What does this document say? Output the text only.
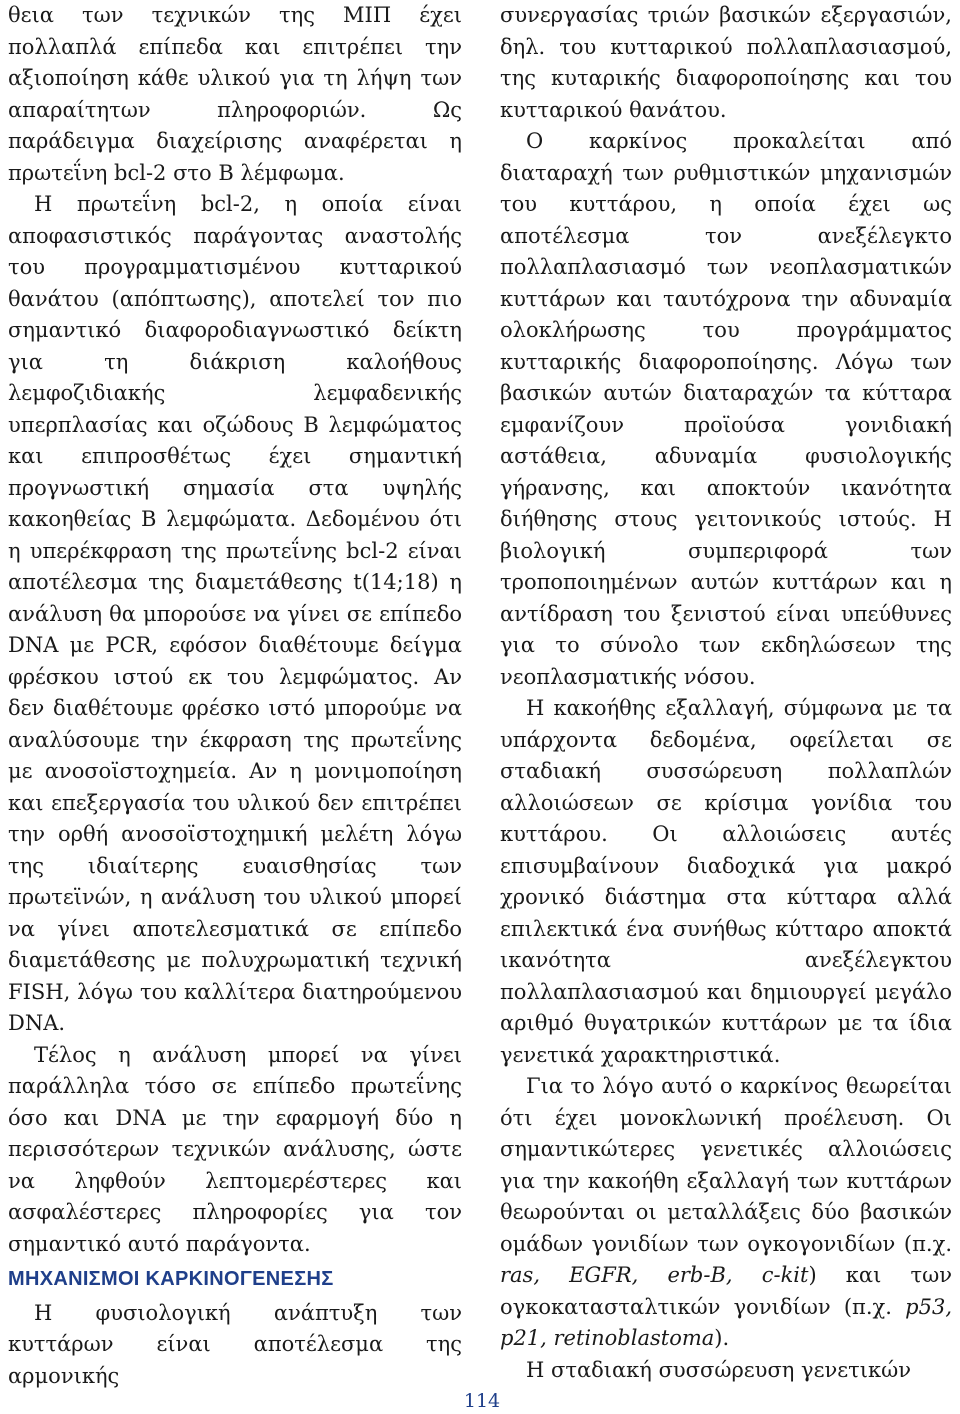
θεια των τεχνικών της ΜΙΠ έχει πολλαπλά επίπεδα και επιτρέπει την αξιοποίηση κάθε υλικού για τη λήψη των απαραίτητων πληροφοριών. Ως παράδειγμα διαχείρισης αναφέρεται η πρωτεΐνη bcl-2 στο Β λέμφωμα.

Η πρωτεΐνη bcl-2, η οποία είναι αποφασιστικός παράγοντας αναστολής του προγραμματισμένου κυτταρικού θανάτου (απόπτωσης), αποτελεί τον πιο σημαντικό διαφοροδιαγνωστικό δείκτη για τη διάκριση καλοήθους λεμφοζιδιακής λεμφαδενικής υπερπλασίας και οζώδους Β λεμφώματος και επιπροσθέτως έχει σημαντική προγνωστική σημασία στα υψηλής κακοηθείας Β λεμφώματα. Δεδομένου ότι η υπερέκφραση της πρωτεΐνης bcl-2 είναι αποτέλεσμα της διαμετάθεσης t(14;18) η ανάλυση θα μπορούσε να γίνει σε επίπεδο DNA με PCR, εφόσον διαθέτουμε δείγμα φρέσκου ιστού εκ του λεμφώματος. Αν δεν διαθέτουμε φρέσκο ιστό μπορούμε να αναλύσουμε την έκφραση της πρωτεΐνης με ανοσοϊστοχημεία. Αν η μονιμοποίηση και επεξεργασία του υλικού δεν επιτρέπει την ορθή ανοσοϊστοχημική μελέτη λόγω της ιδιαίτερης ευαισθησίας των πρωτεϊνών, η ανάλυση του υλικού μπορεί να γίνει αποτελεσματικά σε επίπεδο διαμετάθεσης με πολυχρωματική τεχνική FISH, λόγω του καλλίτερα διατηρούμενου DNA.

Τέλος η ανάλυση μπορεί να γίνει παράλληλα τόσο σε επίπεδο πρωτεΐνης όσο και DNA με την εφαρμογή δύο η περισσότερων τεχνικών ανάλυσης, ώστε να ληφθούν λεπτομερέστερες και ασφαλέστερες πληροφορίες για τον σημαντικό αυτό παράγοντα.

ΜΗΧΑΝΙΣΜΟΙ ΚΑΡΚΙΝΟΓΕΝΕΣΗΣ

Η φυσιολογική ανάπτυξη των κυττάρων είναι αποτέλεσμα της αρμονικής

συνεργασίας τριών βασικών εξεργασιών, δηλ. του κυτταρικού πολλαπλασιασμού, της κυταρικής διαφοροποίησης και του κυτταρικού θανάτου.

Ο καρκίνος προκαλείται από διαταραχή των ρυθμιστικών μηχανισμών του κυττάρου, η οποία έχει ως αποτέλεσμα τον ανεξέλεγκτο πολλαπλασιασμό των νεοπλασματικών κυττάρων και ταυτόχρονα την αδυναμία ολοκλήρωσης του προγράμματος κυτταρικής διαφοροποίησης. Λόγω των βασικών αυτών διαταραχών τα κύτταρα εμφανίζουν προϊούσα γονιδιακή αστάθεια, αδυναμία φυσιολογικής γήρανσης, και αποκτούν ικανότητα διήθησης στους γειτονικούς ιστούς. Η βιολογική συμπεριφορά των τροποποιημένων αυτών κυττάρων και η αντίδραση του ξενιστού είναι υπεύθυνες για το σύνολο των εκδηλώσεων της νεοπλασματικής νόσου.

Η κακοήθης εξαλλαγή, σύμφωνα με τα υπάρχοντα δεδομένα, οφείλεται σε σταδιακή συσσώρευση πολλαπλών αλλοιώσεων σε κρίσιμα γονίδια του κυττάρου. Οι αλλοιώσεις αυτές επισυμβαίνουν διαδοχικά για μακρό χρονικό διάστημα στα κύτταρα αλλά επιλεκτικά ένα συνήθως κύτταρο αποκτά ικανότητα ανεξέλεγκτου πολλαπλασιασμού και δημιουργεί μεγάλο αριθμό θυγατρικών κυττάρων με τα ίδια γενετικά χαρακτηριστικά.

Για το λόγο αυτό ο καρκίνος θεωρείται ότι έχει μονοκλωνική προέλευση. Οι σημαντικώτερες γενετικές αλλοιώσεις για την κακοήθη εξαλλαγή των κυττάρων θεωρούνται οι μεταλλάξεις δύο βασικών ομάδων γονιδίων των ογκογονιδίων (π.χ. ras, EGFR, erb-B, c-kit) και των ογκοκατασταλτικών γονιδίων (π.χ. p53, p21, retinoblastoma).

Η σταδιακή συσσώρευση γενετικών

114
